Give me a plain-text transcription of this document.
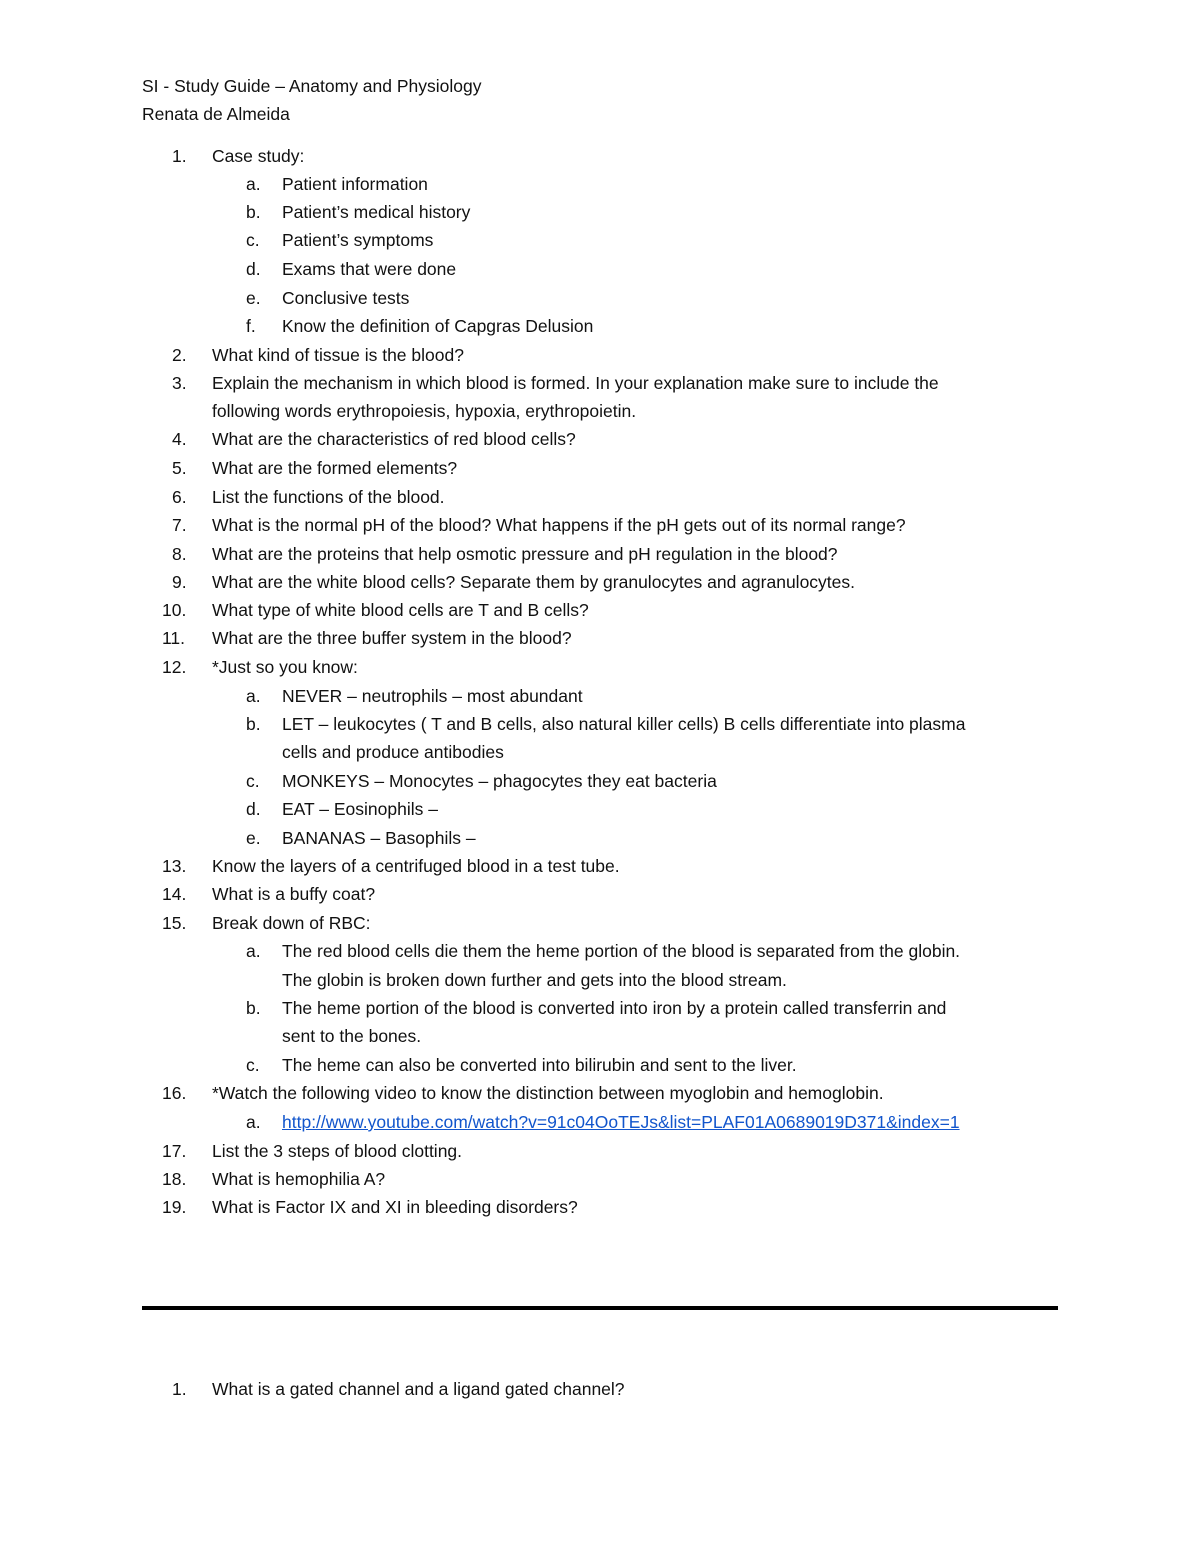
SI - Study Guide – Anatomy and Physiology
Renata de Almeida
1.	Case study:
a.	Patient information
b.	Patient’s medical history
c.	Patient’s symptoms
d.	Exams that were done
e.	Conclusive tests
f.	Know the definition of Capgras Delusion
2.	What kind of tissue is the blood?
3.	Explain the mechanism in which blood is formed. In your explanation make sure to include the
following words erythropoiesis, hypoxia, erythropoietin.
4.	What are the characteristics of red blood cells?
5.	What are the formed elements?
6.	List the functions of the blood.
7.	What is the normal pH of the blood? What happens if the pH gets out of its normal range?
8.	What are the proteins that help osmotic pressure and pH regulation in the blood?
9.	What are the white blood cells? Separate them by granulocytes and agranulocytes.
10.	What type of white blood cells are T and B cells?
11.	What are the three buffer system in the blood?
12.	*Just so you know:
a.	NEVER – neutrophils – most abundant
b.	LET – leukocytes ( T and B cells, also natural killer cells) B cells differentiate into plasma
cells and produce antibodies
c.	MONKEYS – Monocytes – phagocytes they eat bacteria
d.	EAT – Eosinophils –
e.	BANANAS – Basophils –
13.	Know the layers of a centrifuged blood in a test tube.
14.	What is a buffy coat?
15.	Break down of RBC:
a.	The red blood cells die them the heme portion of the blood is separated from the globin.
The globin is broken down further and gets into the blood stream.
b.	The heme portion of the blood is converted into iron by a protein called transferrin and
sent to the bones.
c.	The heme can also be converted into bilirubin and sent to the liver.
16.	*Watch the following video to know the distinction between myoglobin and hemoglobin.
a.	http://www.youtube.com/watch?v=91c04OoTEJs&list=PLAF01A0689019D371&index=1
17.	List the 3 steps of blood clotting.
18.	What is hemophilia A?
19.	What is Factor IX and XI in bleeding disorders?
1.	What is a gated channel and a ligand gated channel?
